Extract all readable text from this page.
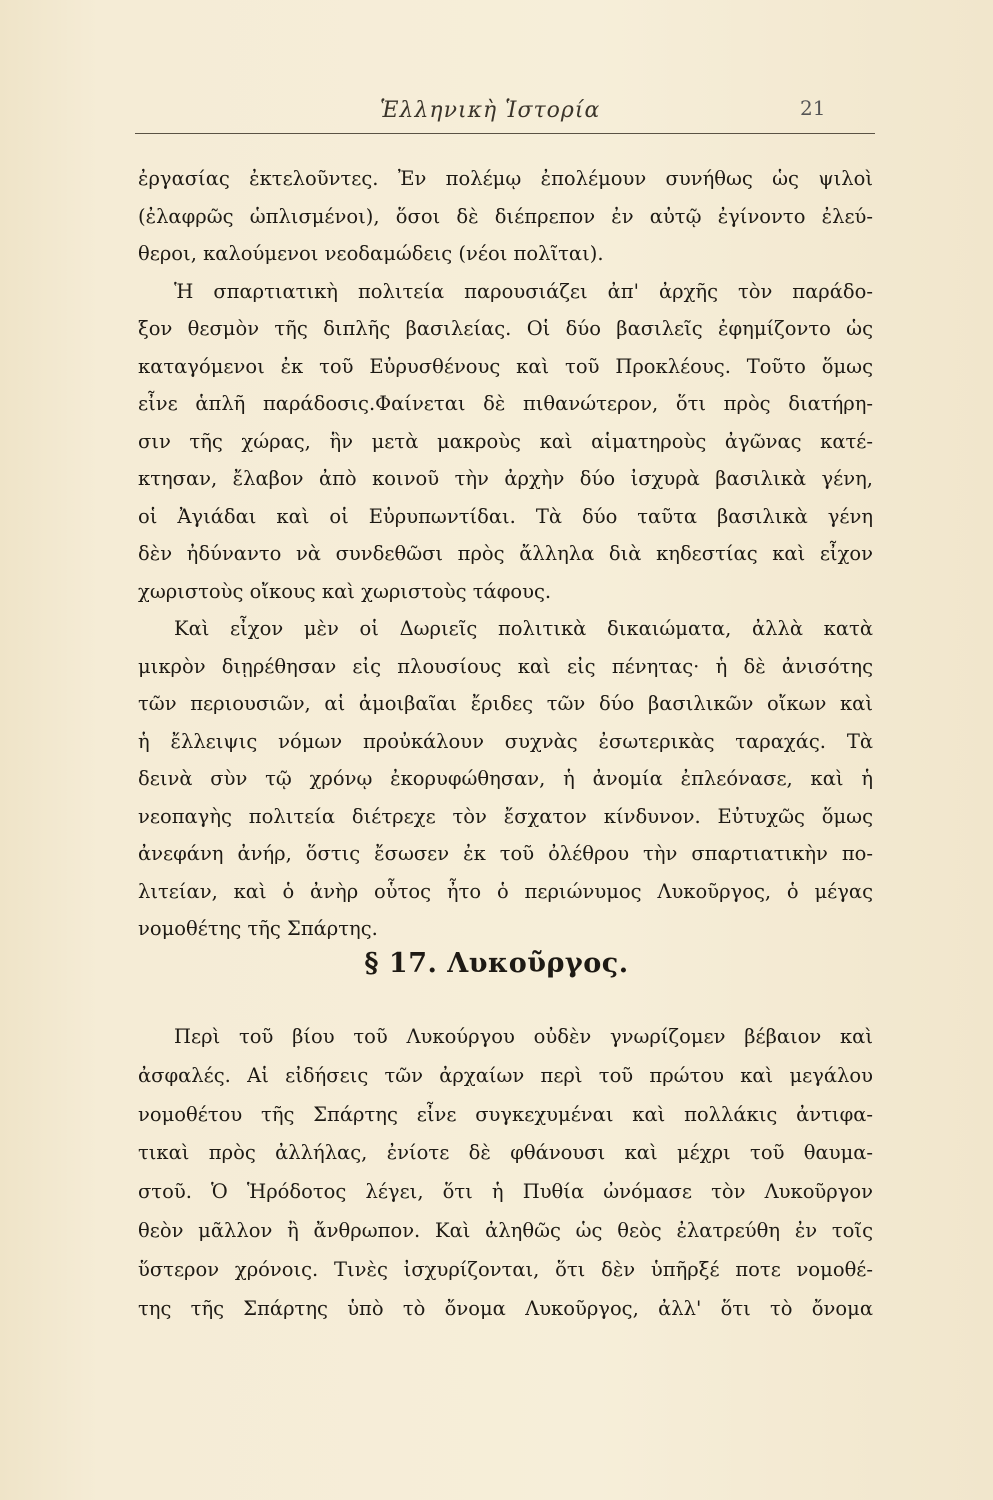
Ἑλληνικὴ Ἱστορία	21
ἐργασίας ἐκτελοῦντες. Ἐν πολέμῳ ἐπολέμουν συνήθως ὡς ψιλοὶ
(ἐλαφρῶς ὡπλισμένοι), ὅσοι δὲ διέπρεπον ἐν αὐτῷ ἐγίνοντο ἐλεύ-
θεροι, καλούμενοι νεοδαμώδεις (νέοι πολῖται).
Ἡ σπαρτιατικὴ πολιτεία παρουσιάζει ἀπ' ἀρχῆς τὸν παράδο-
ξον θεσμὸν τῆς διπλῆς βασιλείας. Οἱ δύο βασιλεῖς ἐφημίζοντο ὡς
καταγόμενοι ἐκ τοῦ Εὐρυσθένους καὶ τοῦ Προκλέους. Τοῦτο ὅμως
εἶνε ἁπλῆ παράδοσις.Φαίνεται δὲ πιθανώτερον, ὅτι πρὸς διατήρη-
σιν τῆς χώρας, ἣν μετὰ μακροὺς καὶ αἱματηροὺς ἀγῶνας κατέ-
κτησαν, ἔλαβον ἀπὸ κοινοῦ τὴν ἀρχὴν δύο ἰσχυρὰ βασιλικὰ γένη,
οἱ Ἀγιάδαι καὶ οἱ Εὐρυπωντίδαι. Τὰ δύο ταῦτα βασιλικὰ γένη
δὲν ἠδύναντο νὰ συνδεθῶσι πρὸς ἄλληλα διὰ κηδεστίας καὶ εἶχον
χωριστοὺς οἴκους καὶ χωριστοὺς τάφους.
Καὶ εἶχον μὲν οἱ Δωριεῖς πολιτικὰ δικαιώματα, ἀλλὰ κατὰ
μικρὸν διῃρέθησαν εἰς πλουσίους καὶ εἰς πένητας· ἡ δὲ ἀνισότης
τῶν περιουσιῶν, αἱ ἀμοιβαῖαι ἔριδες τῶν δύο βασιλικῶν οἴκων καὶ
ἡ ἔλλειψις νόμων προὐκάλουν συχνὰς ἐσωτερικὰς ταραχάς. Τὰ
δεινὰ σὺν τῷ χρόνῳ ἐκορυφώθησαν, ἡ ἀνομία ἐπλεόνασε, καὶ ἡ
νεοπαγὴς πολιτεία διέτρεχε τὸν ἔσχατον κίνδυνον. Εὐτυχῶς ὅμως
ἀνεφάνη ἀνήρ, ὅστις ἔσωσεν ἐκ τοῦ ὀλέθρου τὴν σπαρτιατικὴν πο-
λιτείαν, καὶ ὁ ἀνὴρ οὗτος ἦτο ὁ περιώνυμος Λυκοῦργος, ὁ μέγας
νομοθέτης τῆς Σπάρτης.
§ 17. Λυκοῦργος.
Περὶ τοῦ βίου τοῦ Λυκούργου οὐδὲν γνωρίζομεν βέβαιον καὶ
ἀσφαλές. Αἱ εἰδήσεις τῶν ἀρχαίων περὶ τοῦ πρώτου καὶ μεγάλου
νομοθέτου τῆς Σπάρτης εἶνε συγκεχυμέναι καὶ πολλάκις ἀντιφα-
τικαὶ πρὸς ἀλλήλας, ἐνίοτε δὲ φθάνουσι καὶ μέχρι τοῦ θαυμα-
στοῦ. Ὁ Ἡρόδοτος λέγει, ὅτι ἡ Πυθία ὠνόμασε τὸν Λυκοῦργον
θεὸν μᾶλλον ἢ ἄνθρωπον. Καὶ ἀληθῶς ὡς θεὸς ἐλατρεύθη ἐν τοῖς
ὕστερον χρόνοις. Τινὲς ἰσχυρίζονται, ὅτι δὲν ὑπῆρξέ ποτε νομοθέ-
της τῆς Σπάρτης ὑπὸ τὸ ὄνομα Λυκοῦργος, ἀλλ' ὅτι τὸ ὄνομα
